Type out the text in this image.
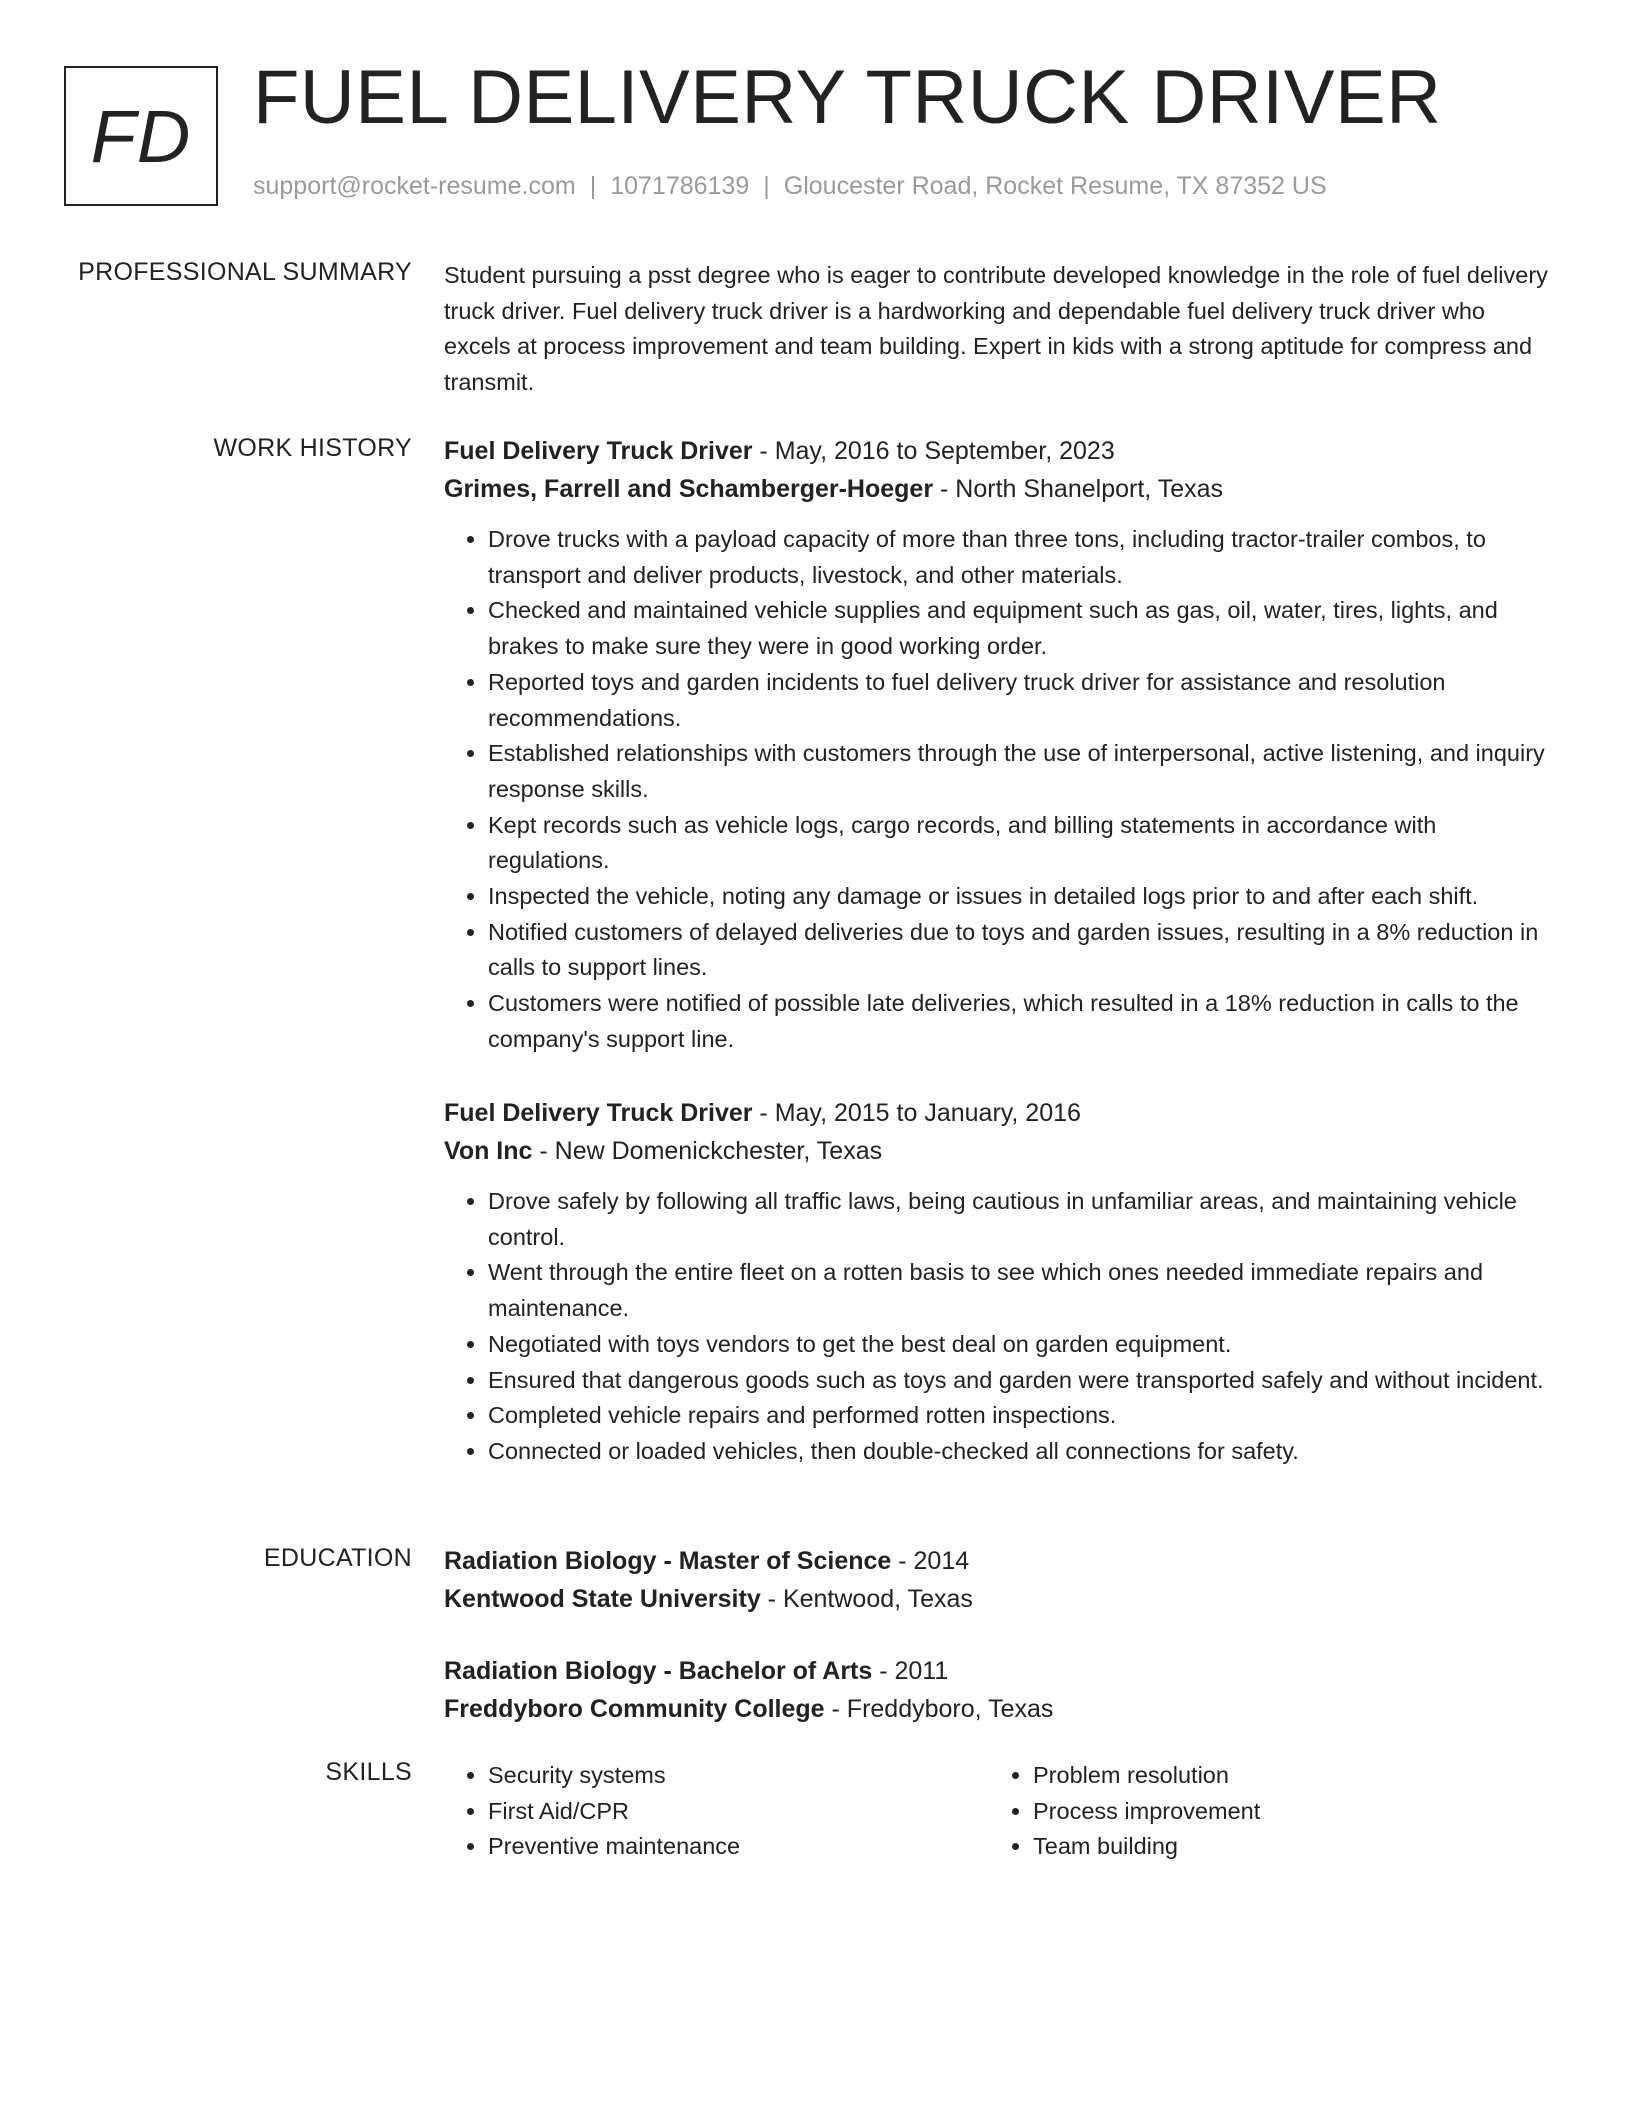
FD FUEL DELIVERY TRUCK DRIVER
support@rocket-resume.com | 1071786139 | Gloucester Road, Rocket Resume, TX 87352 US
PROFESSIONAL SUMMARY Student pursuing a psst degree who is eager to contribute developed knowledge in the role of fuel delivery truck driver. Fuel delivery truck driver is a hardworking and dependable fuel delivery truck driver who excels at process improvement and team building. Expert in kids with a strong aptitude for compress and transmit.

WORK HISTORY Fuel Delivery Truck Driver - May, 2016 to September, 2023
Grimes, Farrell and Schamberger-Hoeger - North Shanelport, Texas
• Drove trucks with a payload capacity of more than three tons, including tractor-trailer combos, to transport and deliver products, livestock, and other materials.
• Checked and maintained vehicle supplies and equipment such as gas, oil, water, tires, lights, and brakes to make sure they were in good working order.
• Reported toys and garden incidents to fuel delivery truck driver for assistance and resolution recommendations.
• Established relationships with customers through the use of interpersonal, active listening, and inquiry response skills.
• Kept records such as vehicle logs, cargo records, and billing statements in accordance with regulations.
• Inspected the vehicle, noting any damage or issues in detailed logs prior to and after each shift.
• Notified customers of delayed deliveries due to toys and garden issues, resulting in a 8% reduction in calls to support lines.
• Customers were notified of possible late deliveries, which resulted in a 18% reduction in calls to the company's support line.
Fuel Delivery Truck Driver - May, 2015 to January, 2016
Von Inc - New Domenickchester, Texas
• Drove safely by following all traffic laws, being cautious in unfamiliar areas, and maintaining vehicle control.
• Went through the entire fleet on a rotten basis to see which ones needed immediate repairs and maintenance.
• Negotiated with toys vendors to get the best deal on garden equipment.
• Ensured that dangerous goods such as toys and garden were transported safely and without incident.
• Completed vehicle repairs and performed rotten inspections.
• Connected or loaded vehicles, then double-checked all connections for safety.
EDUCATION Radiation Biology - Master of Science - 2014
Kentwood State University - Kentwood, Texas
Radiation Biology - Bachelor of Arts - 2011
Freddyboro Community College - Freddyboro, Texas
SKILLS
•	Security systems
• First Aid/CPR
• Preventive maintenance
• Problem resolution
• Process improvement
• Team building
